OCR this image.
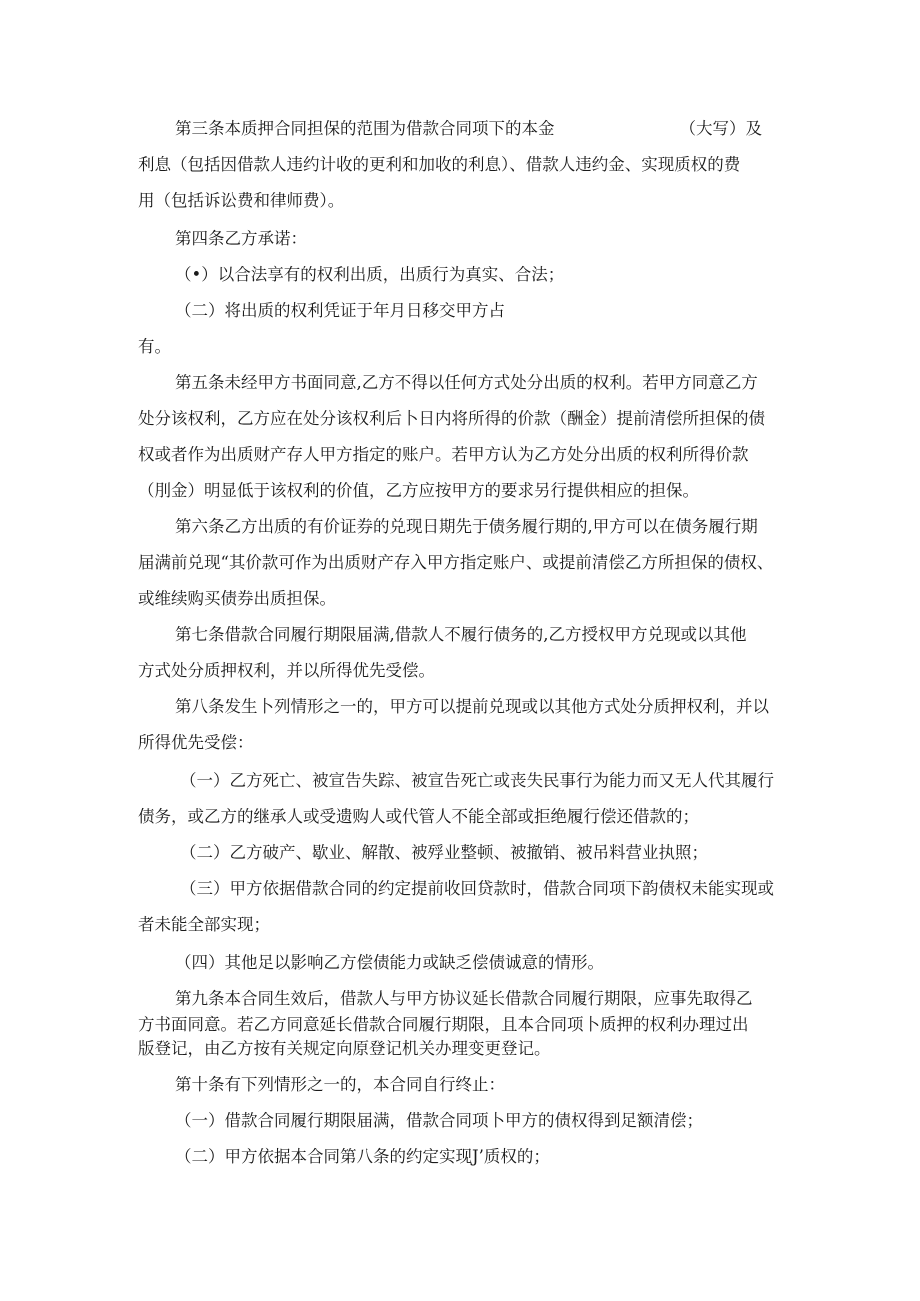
第三条本质押合同担保的范围为借款合同项下的本金	（大写）及
利息（包括因借款人违约计收的更利和加收的利息）、借款人违约金、实现质权的费
用（包括诉讼费和律师费）。
第四条乙方承诺：
（•）以合法享有的权利出质，出质行为真实、合法；
（二）将出质的权利凭证于年月日移交甲方占
有。
第五条未经甲方书面同意,乙方不得以任何方式处分出质的权利。若甲方同意乙方
处分该权利，乙方应在处分该权利后卜日内将所得的价款（酬金）提前清偿所担保的债
权或者作为出质财产存人甲方指定的账户。若甲方认为乙方处分出质的权利所得价款
（刖金）明显低于该权利的价值，乙方应按甲方的要求另行提供相应的担保。
第六条乙方出质的有价证券的兑现日期先于债务履行期的,甲方可以在债务履行期
届满前兑现“其价款可作为出质财产存入甲方指定账户、或提前清偿乙方所担保的债权、
或维续购买债券出质担保。
第七条借款合同履行期限届满,借款人不履行债务的,乙方授权甲方兑现或以其他
方式处分质押权利，并以所得优先受偿。
第八条发生卜列情形之一的，甲方可以提前兑现或以其他方式处分质押权利，并以
所得优先受偿：
（一）乙方死亡、被宣告失踪、被宣告死亡或丧失民事行为能力而又无人代其履行
债务，或乙方的继承人或受遗购人或代管人不能全部或拒绝履行偿还借款的；
（二）乙方破产、歇业、解散、被殍业整顿、被撤销、被吊料营业执照；
（三）甲方依据借款合同的约定提前收回贷款时，借款合同项下韵债权未能实现或
者未能全部实现；
（四）其他足以影响乙方偿债能力或缺乏偿债诚意的情形。
第九条本合同生效后，借款人与甲方协议延长借款合同履行期限，应事先取得乙
方书面同意。若乙方同意延长借款合同履行期限，且本合同项卜质押的权利办理过出
版登记，由乙方按有关规定向原登记机关办理变更登记。
第十条有下列情形之一的，本合同自行终止：
（一）借款合同履行期限届满，借款合同项卜甲方的债权得到足额清偿；
（二）甲方依据本合同第八条的约定实现J’质权的；
